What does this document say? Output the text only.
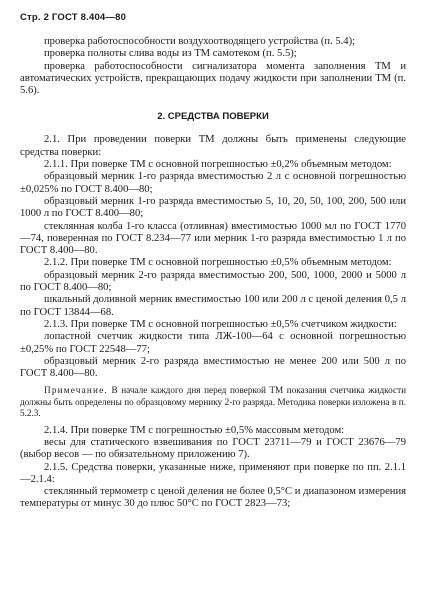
Стр. 2 ГОСТ 8.404—80

проверка работоспособности воздухоотводящего устройства (п. 5.4);

проверка полноты слива воды из ТМ самотеком (п. 5.5);

проверка работоспособности сигнализатора момента заполнения ТМ и автоматических устройств, прекращающих подачу жидкости при заполнении ТМ (п. 5.6).

2. СРЕДСТВА ПОВЕРКИ

2.1. При проведении поверки ТМ должны быть применены следующие средства поверки:

2.1.1. При поверке ТМ с основной погрешностью ±0,2% объемным методом:

образцовый мерник 1-го разряда вместимостью 2 л с основной погрешностью ±0,025% по ГОСТ 8.400—80;

образцовый мерник 1-го разряда вместимостью 5, 10, 20, 50, 100, 200, 500 или 1000 л по ГОСТ 8.400—80;

стеклянная колба 1-го класса (отливная) вместимостью 1000 мл по ГОСТ 1770—74, поверенная по ГОСТ 8.234—77 или мерник 1-го разряда вместимостью 1 л по ГОСТ 8.400—80.

2.1.2. При поверке ТМ с основной погрешностью ±0,5% объемным методом:

образцовый мерник 2-го разряда вместимостью 200, 500, 1000, 2000 и 5000 л по ГОСТ 8.400—80;

шкальный доливной мерник вместимостью 100 или 200 л с ценой деления 0,5 л по ГОСТ 13844—68.

2.1.3. При поверке ТМ с основной погрешностью ±0,5% счетчиком жидкости:

лопастной счетчик жидкости типа ЛЖ-100—64 с основной погрешностью ±0,25% по ГОСТ 22548—77;

образцовый мерник 2-го разряда вместимостью не менее 200 или 500 л по ГОСТ 8.400—80.

Примечание. В начале каждого дня перед поверкой ТМ показания счетчика жидкости должны быть определены по образцовому мернику 2-го разряда. Методика поверки изложена в п. 5.2.3.

2.1.4. При поверке ТМ с погрешностью ±0,5% массовым методом:

весы для статического взвешивания по ГОСТ 23711—79 и ГОСТ 23676—79 (выбор весов — по обязательному приложению 7).

2.1.5. Средства поверки, указанные ниже, применяют при поверке по пп. 2.1.1—2.1.4:

стеклянный термометр с ценой деления не более 0,5°С и диапазоном измерения температуры от минус 30 до плюс 50°С по ГОСТ 2823—73;
